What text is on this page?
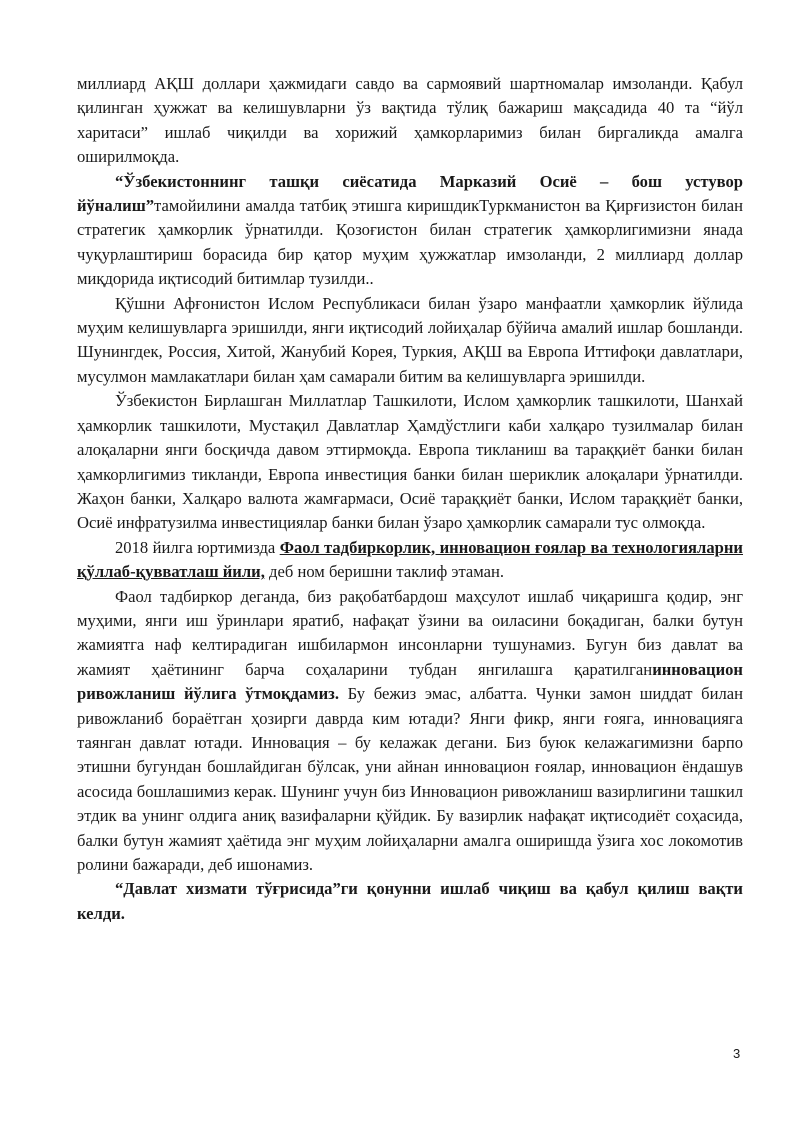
миллиард АҚШ доллари ҳажмидаги савдо ва сармоявий шартномалар имзоланди. Қабул қилинган ҳужжат ва келишувларни ўз вақтида тўлиқ бажариш мақсадида 40 та “йўл харитаси” ишлаб чиқилди ва хорижий ҳамкорларимиз билан биргаликда амалга оширилмоқда.

“Ўзбекистоннинг ташқи сиёсатида Марказий Осиё – бош устувор йўналиш”тамойилини амалда татбиқ этишга киришдикТуркманистон ва Қирғизистон билан стратегик ҳамкорлик ўрнатилди. Қозоғистон билан стратегик ҳамкорлигимизни янада чуқурлаштириш борасида бир қатор муҳим ҳужжатлар имзоланди, 2 миллиард доллар миқдорида иқтисодий битимлар тузилди..

Қўшни Афғонистон Ислом Республикаси билан ўзаро манфаатли ҳамкорлик йўлида муҳим келишувларга эришилди, янги иқтисодий лойиҳалар бўйича амалий ишлар бошланди. Шунингдек, Россия, Хитой, Жанубий Корея, Туркия, АҚШ ва Европа Иттифоқи давлатлари, мусулмон мамлакатлари билан ҳам самарали битим ва келишувларга эришилди.

Ўзбекистон Бирлашган Миллатлар Ташкилоти, Ислом ҳамкорлик ташкилоти, Шанхай ҳамкорлик ташкилоти, Мустақил Давлатлар Ҳамдўстлиги каби халқаро тузилмалар билан алоқаларни янги босқичда давом эттирмоқда. Европа тикланиш ва тараққиёт банки билан ҳамкорлигимиз тикланди, Европа инвестиция банки билан шериклик алоқалари ўрнатилди. Жаҳон банки, Халқаро валюта жамғармаси, Осиё тараққиёт банки, Ислом тараққиёт банки, Осиё инфратузилма инвестициялар банки билан ўзаро ҳамкорлик самарали тус олмоқда.

2018 йилга юртимизда Фаол тадбиркорлик, инновацион ғоялар ва технологияларни қўллаб-қувватлаш йили, деб ном беришни таклиф этаман.

Фаол тадбиркор деганда, биз рақобатбардош маҳсулот ишлаб чиқаришга қодир, энг муҳими, янги иш ўринлари яратиб, нафақат ўзини ва оиласини боқадиган, балки бутун жамиятга наф келтирадиган ишбилармон инсонларни тушунамиз. Бугун биз давлат ва жамият ҳаётининг барча соҳаларини тубдан янгилашга қаратилганинновацион ривожланиш йўлига ўтмоқдамиз. Бу бежиз эмас, албатта. Чунки замон шиддат билан ривожланиб бораётган ҳозирги даврда ким ютади? Янги фикр, янги ғояга, инновацияга таянган давлат ютади. Инновация – бу келажак дегани. Биз буюк келажагимизни барпо этишни бугундан бошлайдиган бўлсак, уни айнан инновацион ғоялар, инновацион ёндашув асосида бошлашимиз керак. Шунинг учун биз Инновацион ривожланиш вазирлигини ташкил этдик ва унинг олдига аниқ вазифаларни қўйдик. Бу вазирлик нафақат иқтисодиёт соҳасида, балки бутун жамият ҳаётида энг муҳим лойиҳаларни амалга оширишда ўзига хос локомотив ролини бажаради, деб ишонамиз.

“Давлат хизмати тўғрисида”ги қонунни ишлаб чиқиш ва қабул қилиш вақти келди.

3
